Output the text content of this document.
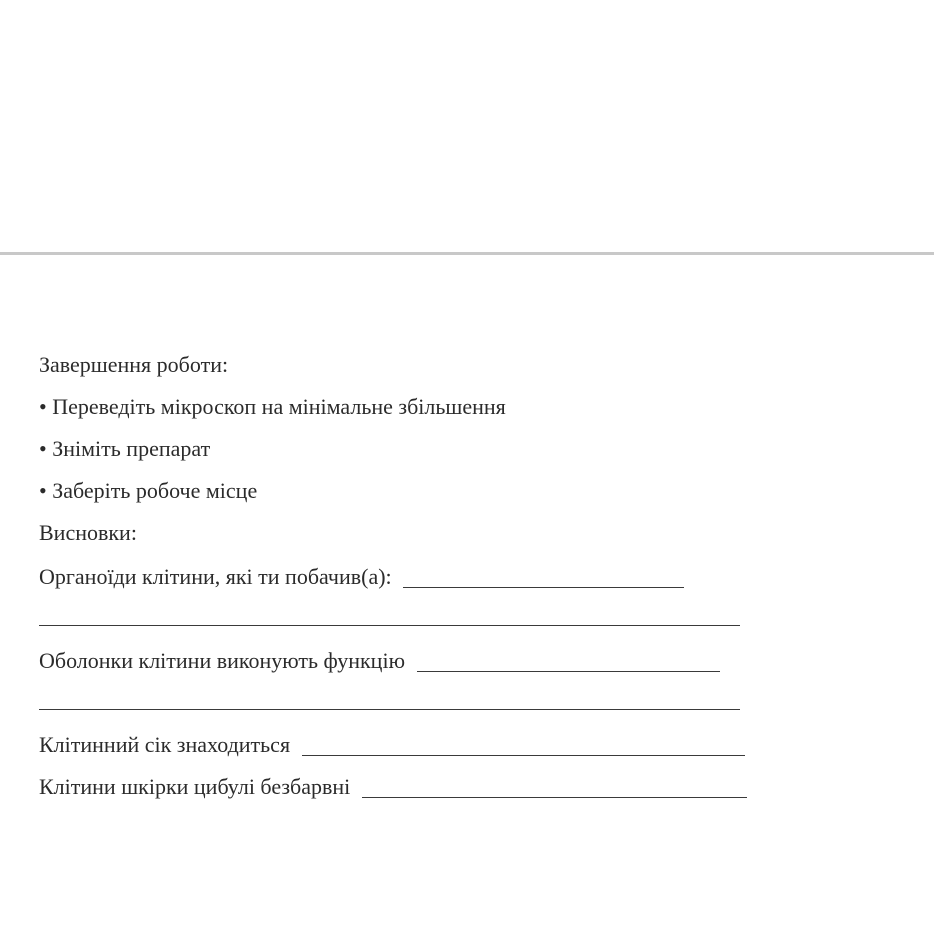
Завершення роботи:
• Переведіть мікроскоп на мінімальне збільшення
• Зніміть препарат
• Заберіть робоче місце
Висновки:
Органоїди клітини, які ти побачив(а):
Оболонки клітини виконують функцію
Клітинний сік знаходиться
Клітини шкірки цибулі безбарвні
